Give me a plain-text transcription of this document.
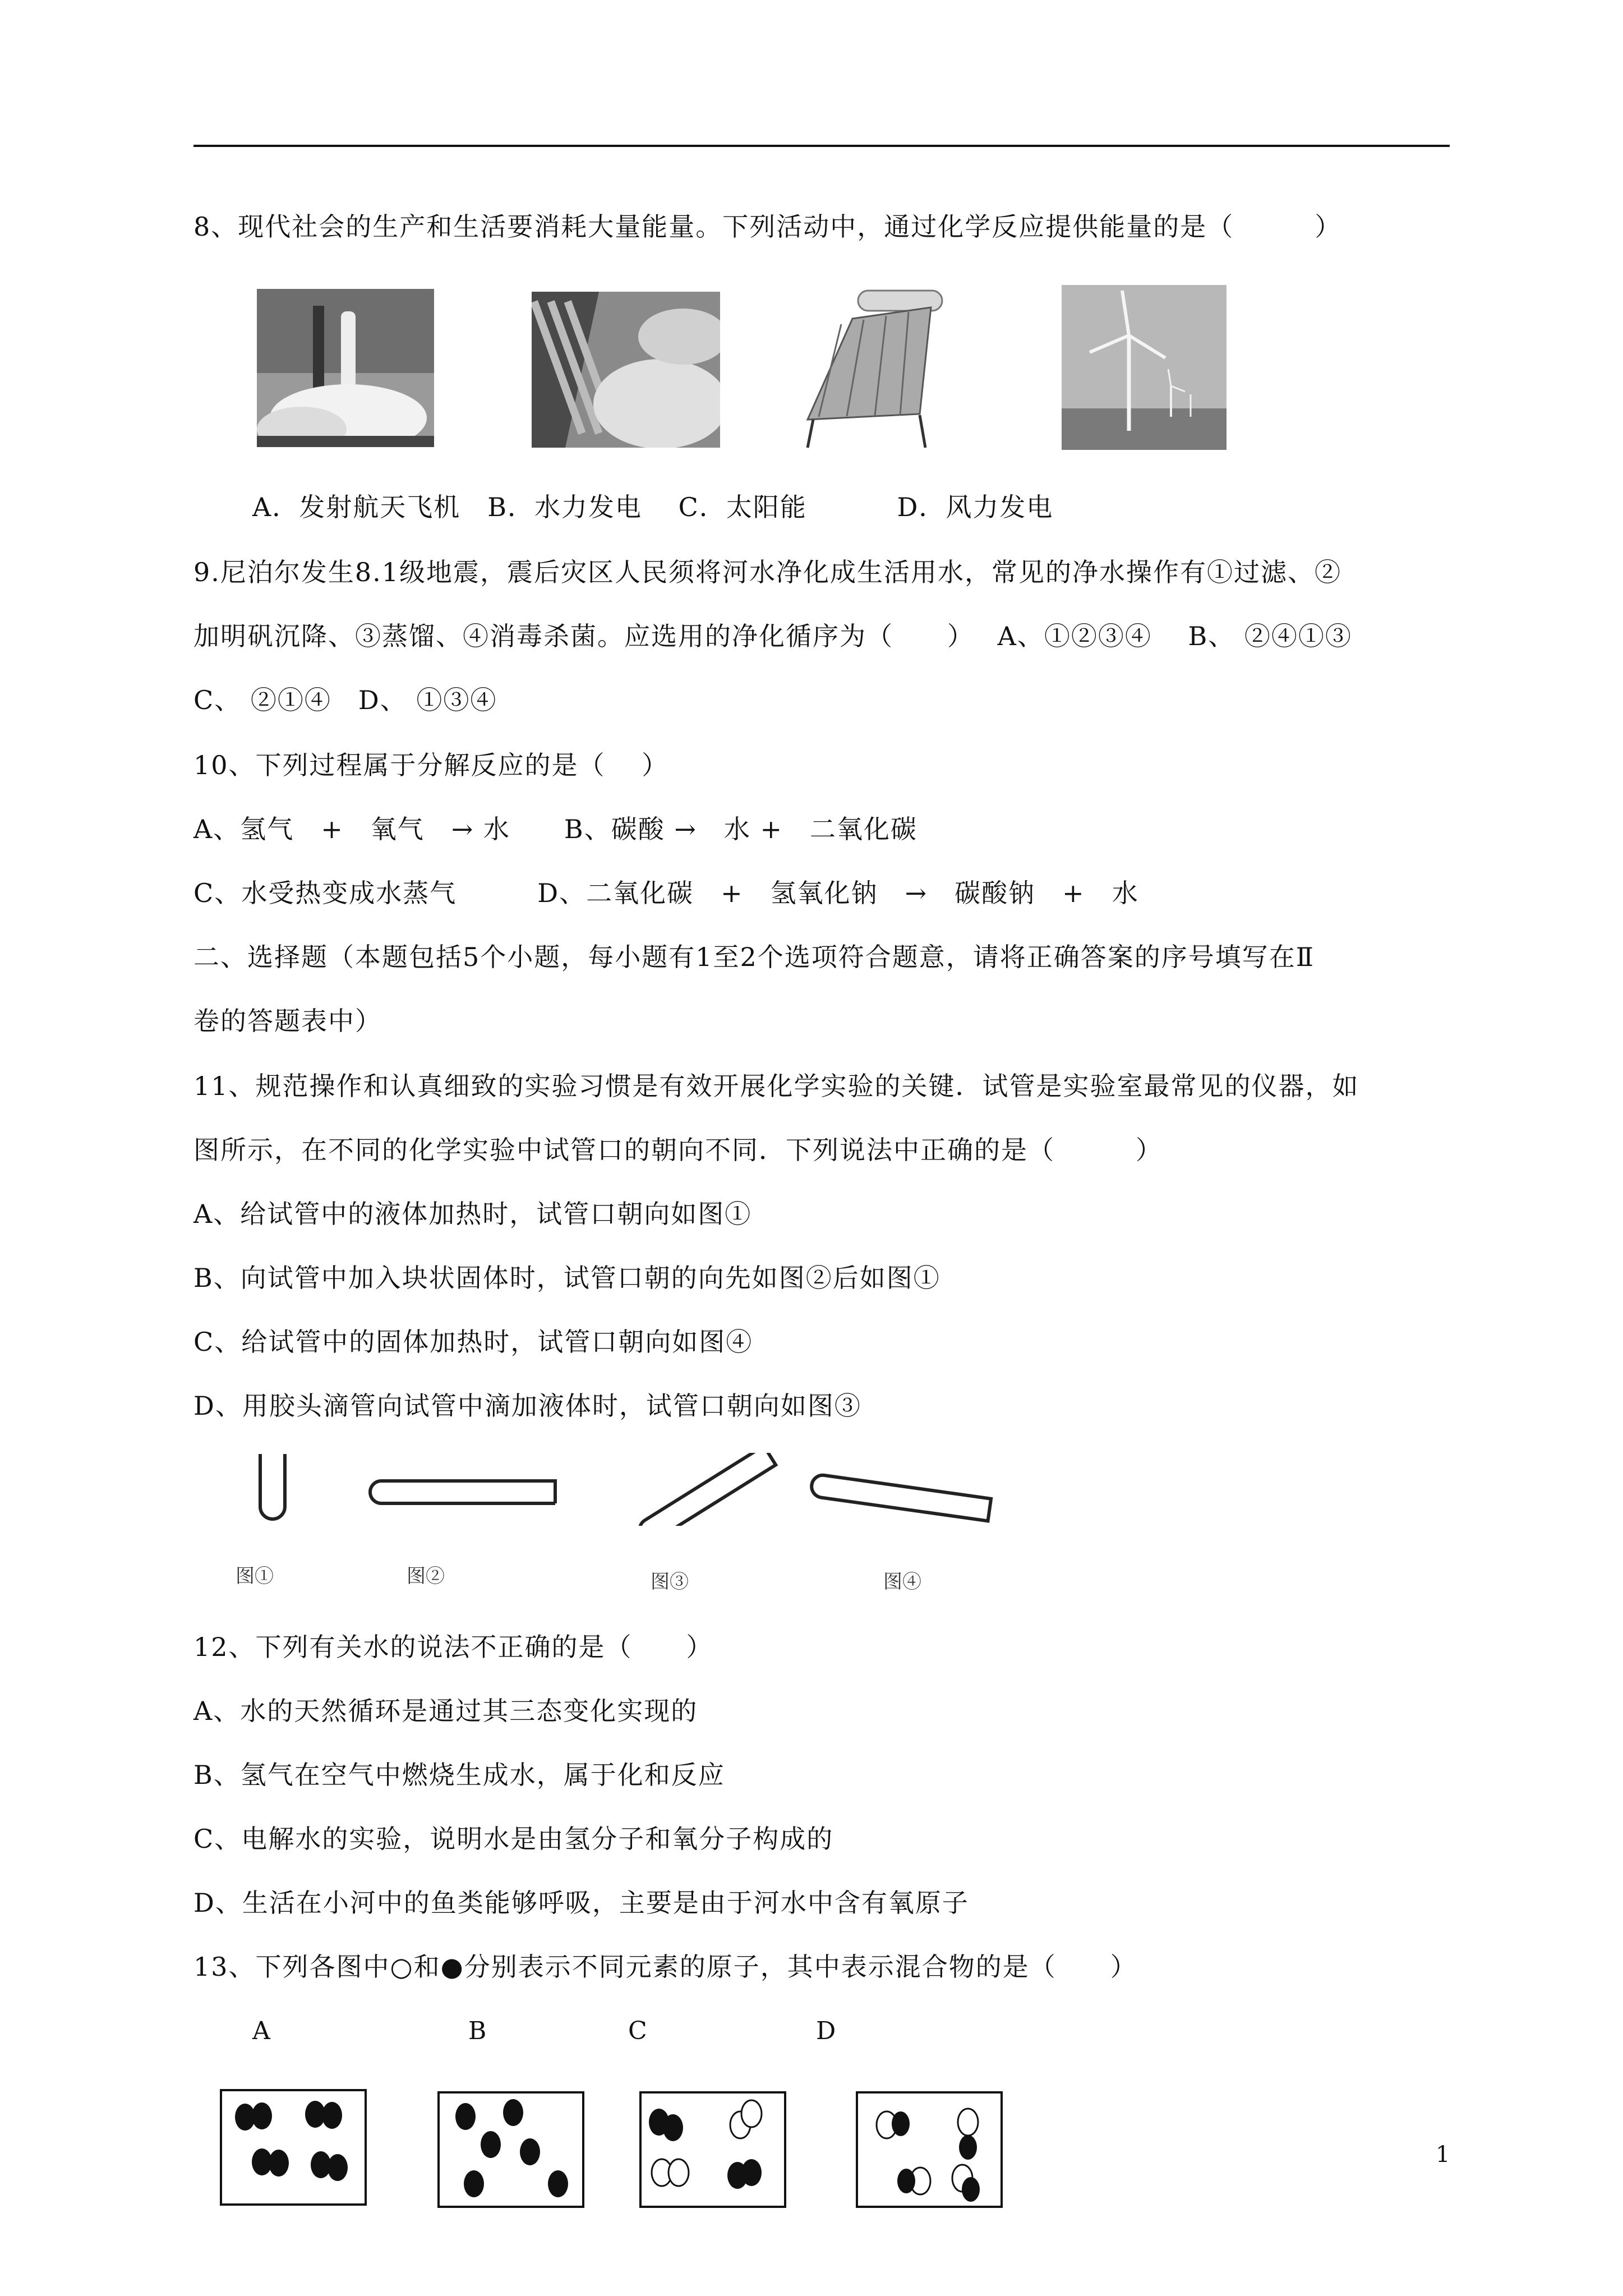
8、现代社会的生产和生活要消耗大量能量。下列活动中，通过化学反应提供能量的是（　　　）
A．发射航天飞机　B．水力发电　 C．太阳能　　　 D．风力发电
9.尼泊尔发生8.1级地震，震后灾区人民须将河水净化成生活用水，常见的净水操作有①过滤、②
加明矾沉降、③蒸馏、④消毒杀菌。应选用的净化循序为（　　）　 A、①②③④　 B、 ②④①③
C、 ②①④　D、 ①③④
10、下列过程属于分解反应的是（　 ）
A、氢气　+　氧气　→ 水　　B、碳酸 →　水 +　二氧化碳
C、水受热变成水蒸气　　　D、二氧化碳　+　氢氧化钠　→　碳酸钠　+　水
二、选择题（本题包括5个小题，每小题有1至2个选项符合题意，请将正确答案的序号填写在Ⅱ
卷的答题表中）
11、规范操作和认真细致的实验习惯是有效开展化学实验的关键．试管是实验室最常见的仪器，如
图所示，在不同的化学实验中试管口的朝向不同．下列说法中正确的是（　　　）
A、给试管中的液体加热时，试管口朝向如图①
B、向试管中加入块状固体时，试管口朝的向先如图②后如图①
C、给试管中的固体加热时，试管口朝向如图④
D、用胶头滴管向试管中滴加液体时，试管口朝向如图③
图①	图②	图③	图④
12、下列有关水的说法不正确的是（　　）
A、水的天然循环是通过其三态变化实现的
B、氢气在空气中燃烧生成水，属于化和反应
C、电解水的实验，说明水是由氢分子和氧分子构成的
D、生活在小河中的鱼类能够呼吸，主要是由于河水中含有氧原子
13、下列各图中○和●分别表示不同元素的原子，其中表示混合物的是（　　）
A	B	C	D
1
